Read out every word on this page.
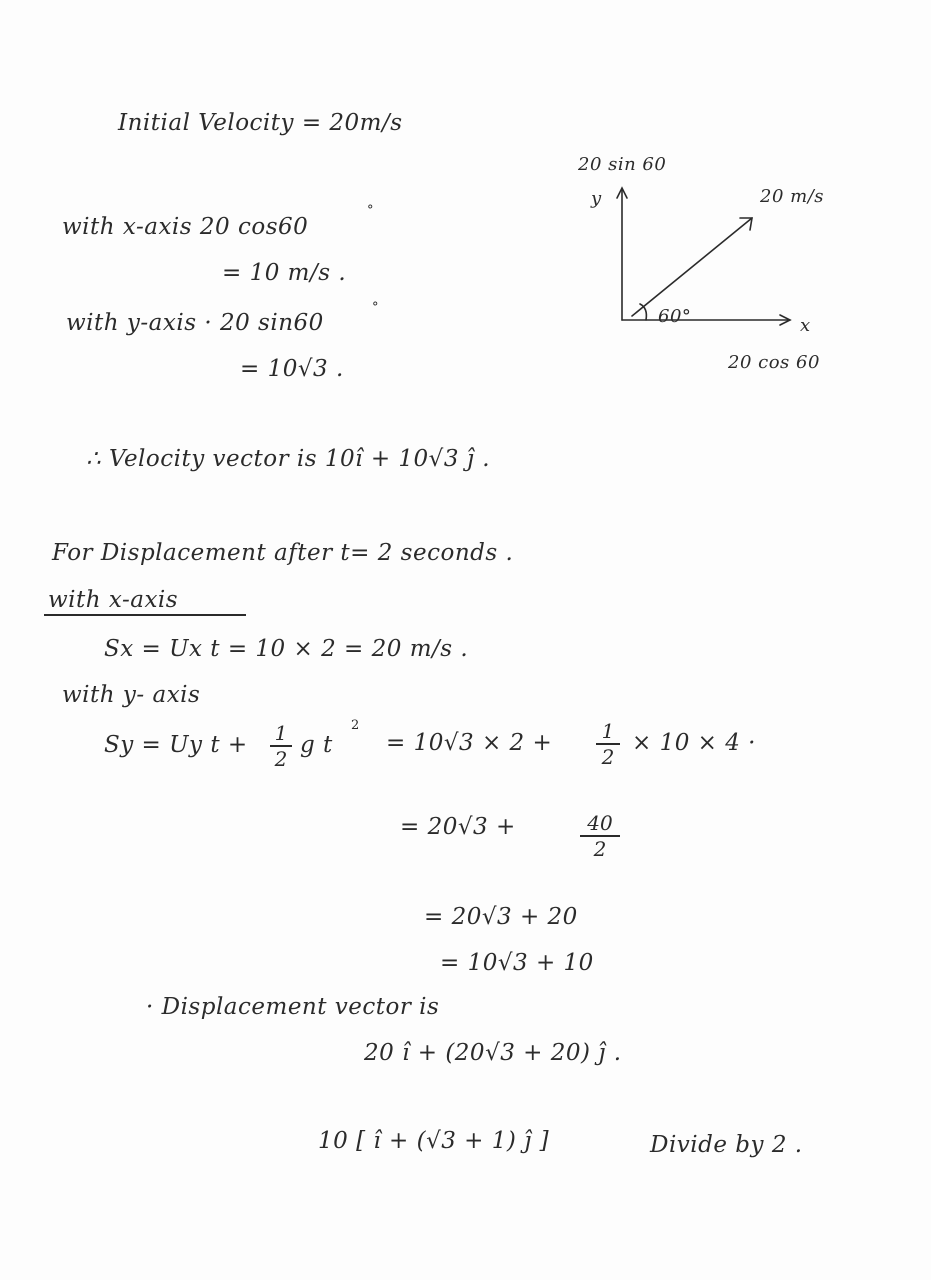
Initial Velocity = 20m/s
with x-axis 20 cos60
°
= 10 m/s .
with y-axis · 20 sin60
°
= 10√3 .
20 sin 60
y	20 m/s
60°	x
20 cos 60
∴ Velocity vector is 10î + 10√3 ĵ .
For Displacement after t= 2 seconds .
with x-axis
Sx = Ux t = 10 × 2 = 20 m/s .
with y- axis
Sy = Uy t + 1
2
g t
2
= 10√3 × 2 + 1
2
× 10 × 4 ·
= 20√3 +	40
2
= 20√3 + 20
= 10√3 + 10
· Displacement vector is
20 î + (20√3 + 20) ĵ .
10 [ î + (√3 + 1) ĵ ]	Divide by 2 .
